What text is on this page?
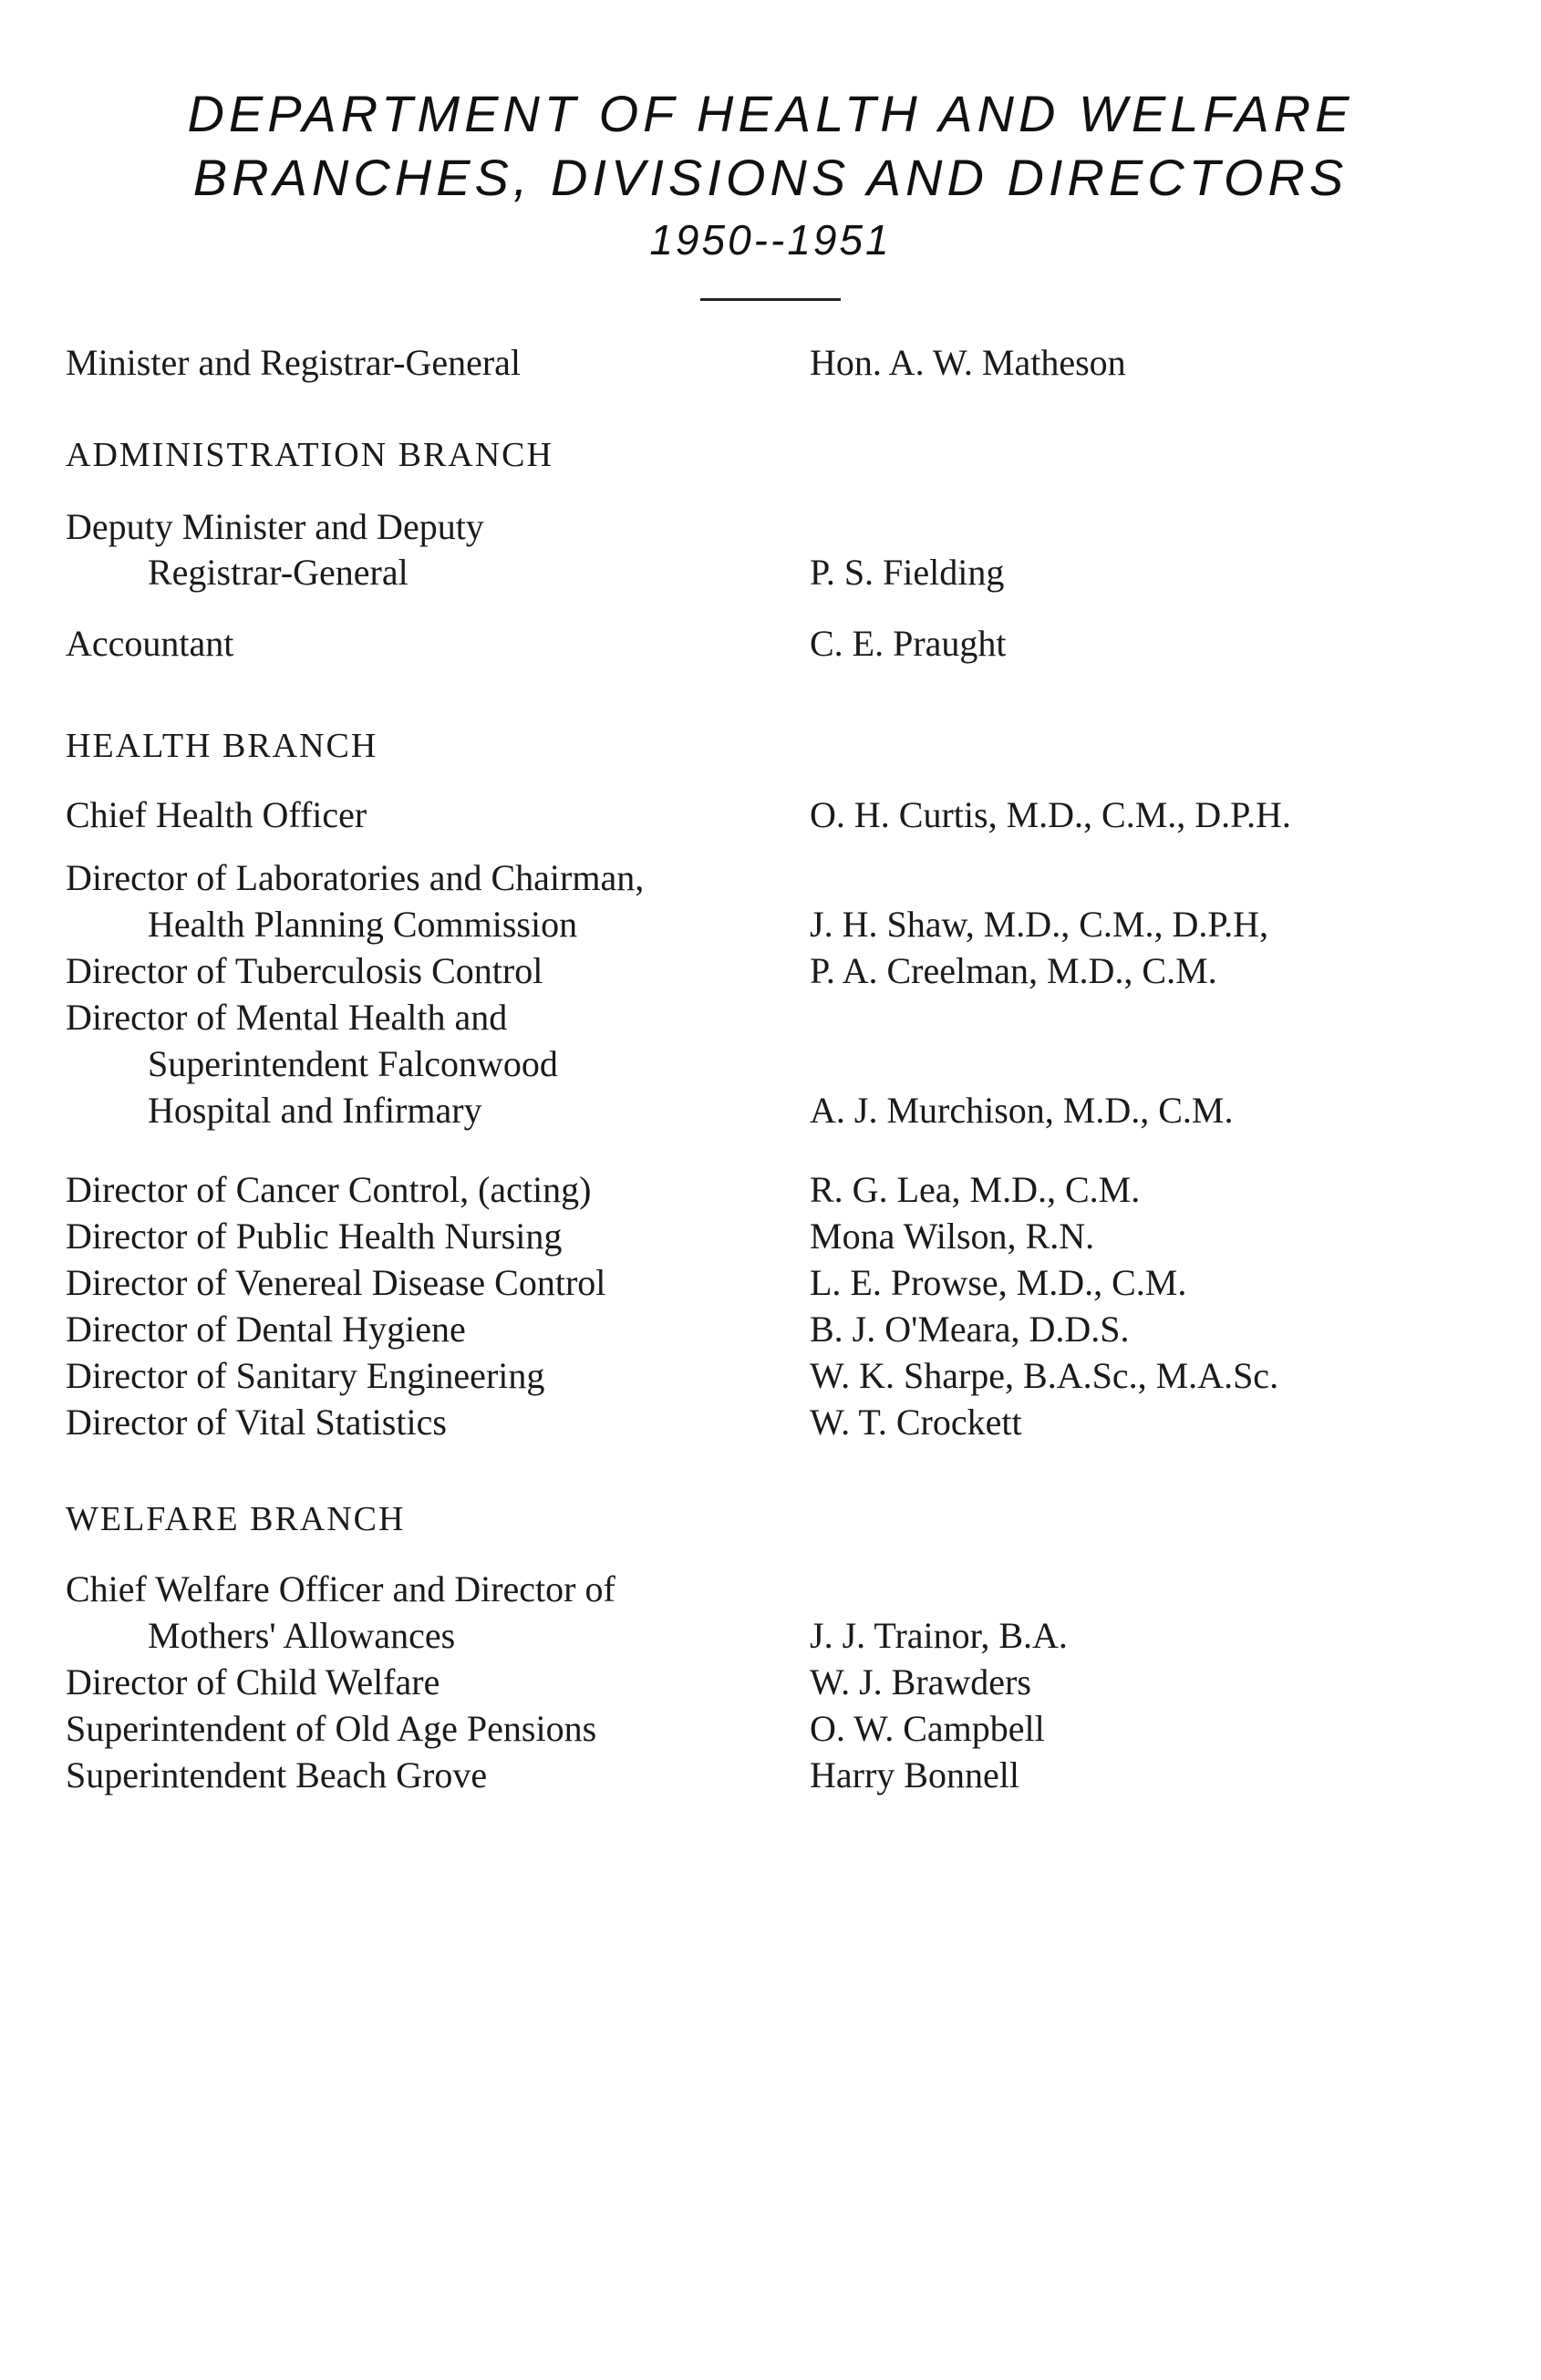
DEPARTMENT OF HEALTH AND WELFARE
BRANCHES, DIVISIONS AND DIRECTORS
1950--1951
Minister and Registrar-General	Hon. A. W. Matheson
ADMINISTRATION BRANCH
Deputy Minister and Deputy
Registrar-General	P. S. Fielding
Accountant	C. E. Praught
HEALTH BRANCH
Chief Health Officer	O. H. Curtis, M.D., C.M., D.P.H.
Director of Laboratories and Chairman,
Health Planning Commission	J. H. Shaw, M.D., C.M., D.P.H,
Director of Tuberculosis Control	P. A. Creelman, M.D., C.M.
Director of Mental Health and
Superintendent Falconwood
Hospital and Infirmary	A. J. Murchison, M.D., C.M.
Director of Cancer Control, (acting)	R. G. Lea, M.D., C.M.
Director of Public Health Nursing	Mona Wilson, R.N.
Director of Venereal Disease Control	L. E. Prowse, M.D., C.M.
Director of Dental Hygiene	B. J. O'Meara, D.D.S.
Director of Sanitary Engineering	W. K. Sharpe, B.A.Sc., M.A.Sc.
Director of Vital Statistics	W. T. Crockett
WELFARE BRANCH
Chief Welfare Officer and Director of
Mothers' Allowances	J. J. Trainor, B.A.
Director of Child Welfare	W. J. Brawders
Superintendent of Old Age Pensions	O. W. Campbell
Superintendent Beach Grove	Harry Bonnell
